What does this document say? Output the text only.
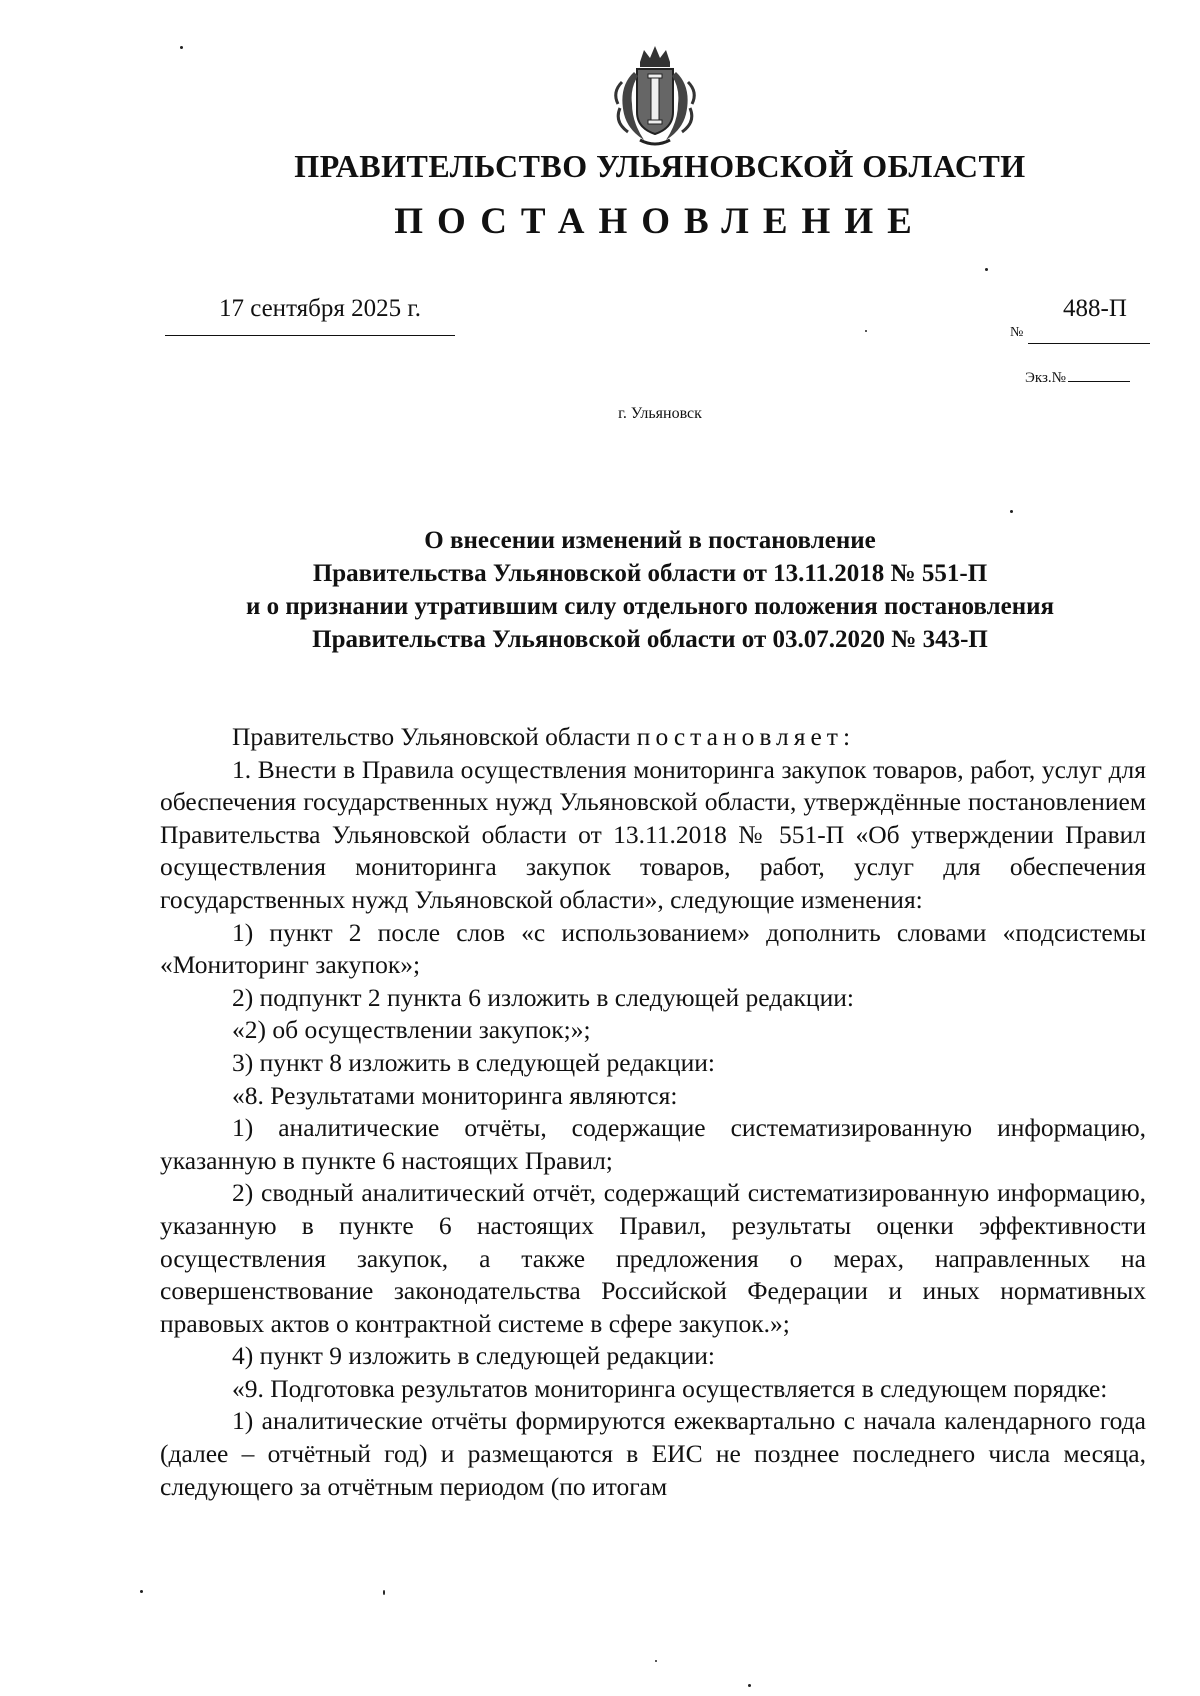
ПРАВИТЕЛЬСТВО УЛЬЯНОВСКОЙ ОБЛАСТИ
ПОСТАНОВЛЕНИЕ
17 сентября 2025 г.
№
488-П
Экз.№
г. Ульяновск
О внесении изменений в постановление
Правительства Ульяновской области от 13.11.2018 № 551-П
и о признании утратившим силу отдельного положения постановления
Правительства Ульяновской области от 03.07.2020 № 343-П
Правительство Ульяновской области постановляет:
1. Внести в Правила осуществления мониторинга закупок товаров, работ, услуг для обеспечения государственных нужд Ульяновской области, утверждённые постановлением Правительства Ульяновской области от 13.11.2018 № 551-П «Об утверждении Правил осуществления мониторинга закупок товаров, работ, услуг для обеспечения государственных нужд Ульяновской области», следующие изменения:
1) пункт 2 после слов «с использованием» дополнить словами «подсистемы «Мониторинг закупок»;
2) подпункт 2 пункта 6 изложить в следующей редакции:
«2) об осуществлении закупок;»;
3) пункт 8 изложить в следующей редакции:
«8. Результатами мониторинга являются:
1) аналитические отчёты, содержащие систематизированную информацию, указанную в пункте 6 настоящих Правил;
2) сводный аналитический отчёт, содержащий систематизированную информацию, указанную в пункте 6 настоящих Правил, результаты оценки эффективности осуществления закупок, а также предложения о мерах, направленных на совершенствование законодательства Российской Федерации и иных нормативных правовых актов о контрактной системе в сфере закупок.»;
4) пункт 9 изложить в следующей редакции:
«9. Подготовка результатов мониторинга осуществляется в следующем порядке:
1) аналитические отчёты формируются ежеквартально с начала календарного года (далее – отчётный год) и размещаются в ЕИС не позднее последнего числа месяца, следующего за отчётным периодом (по итогам
